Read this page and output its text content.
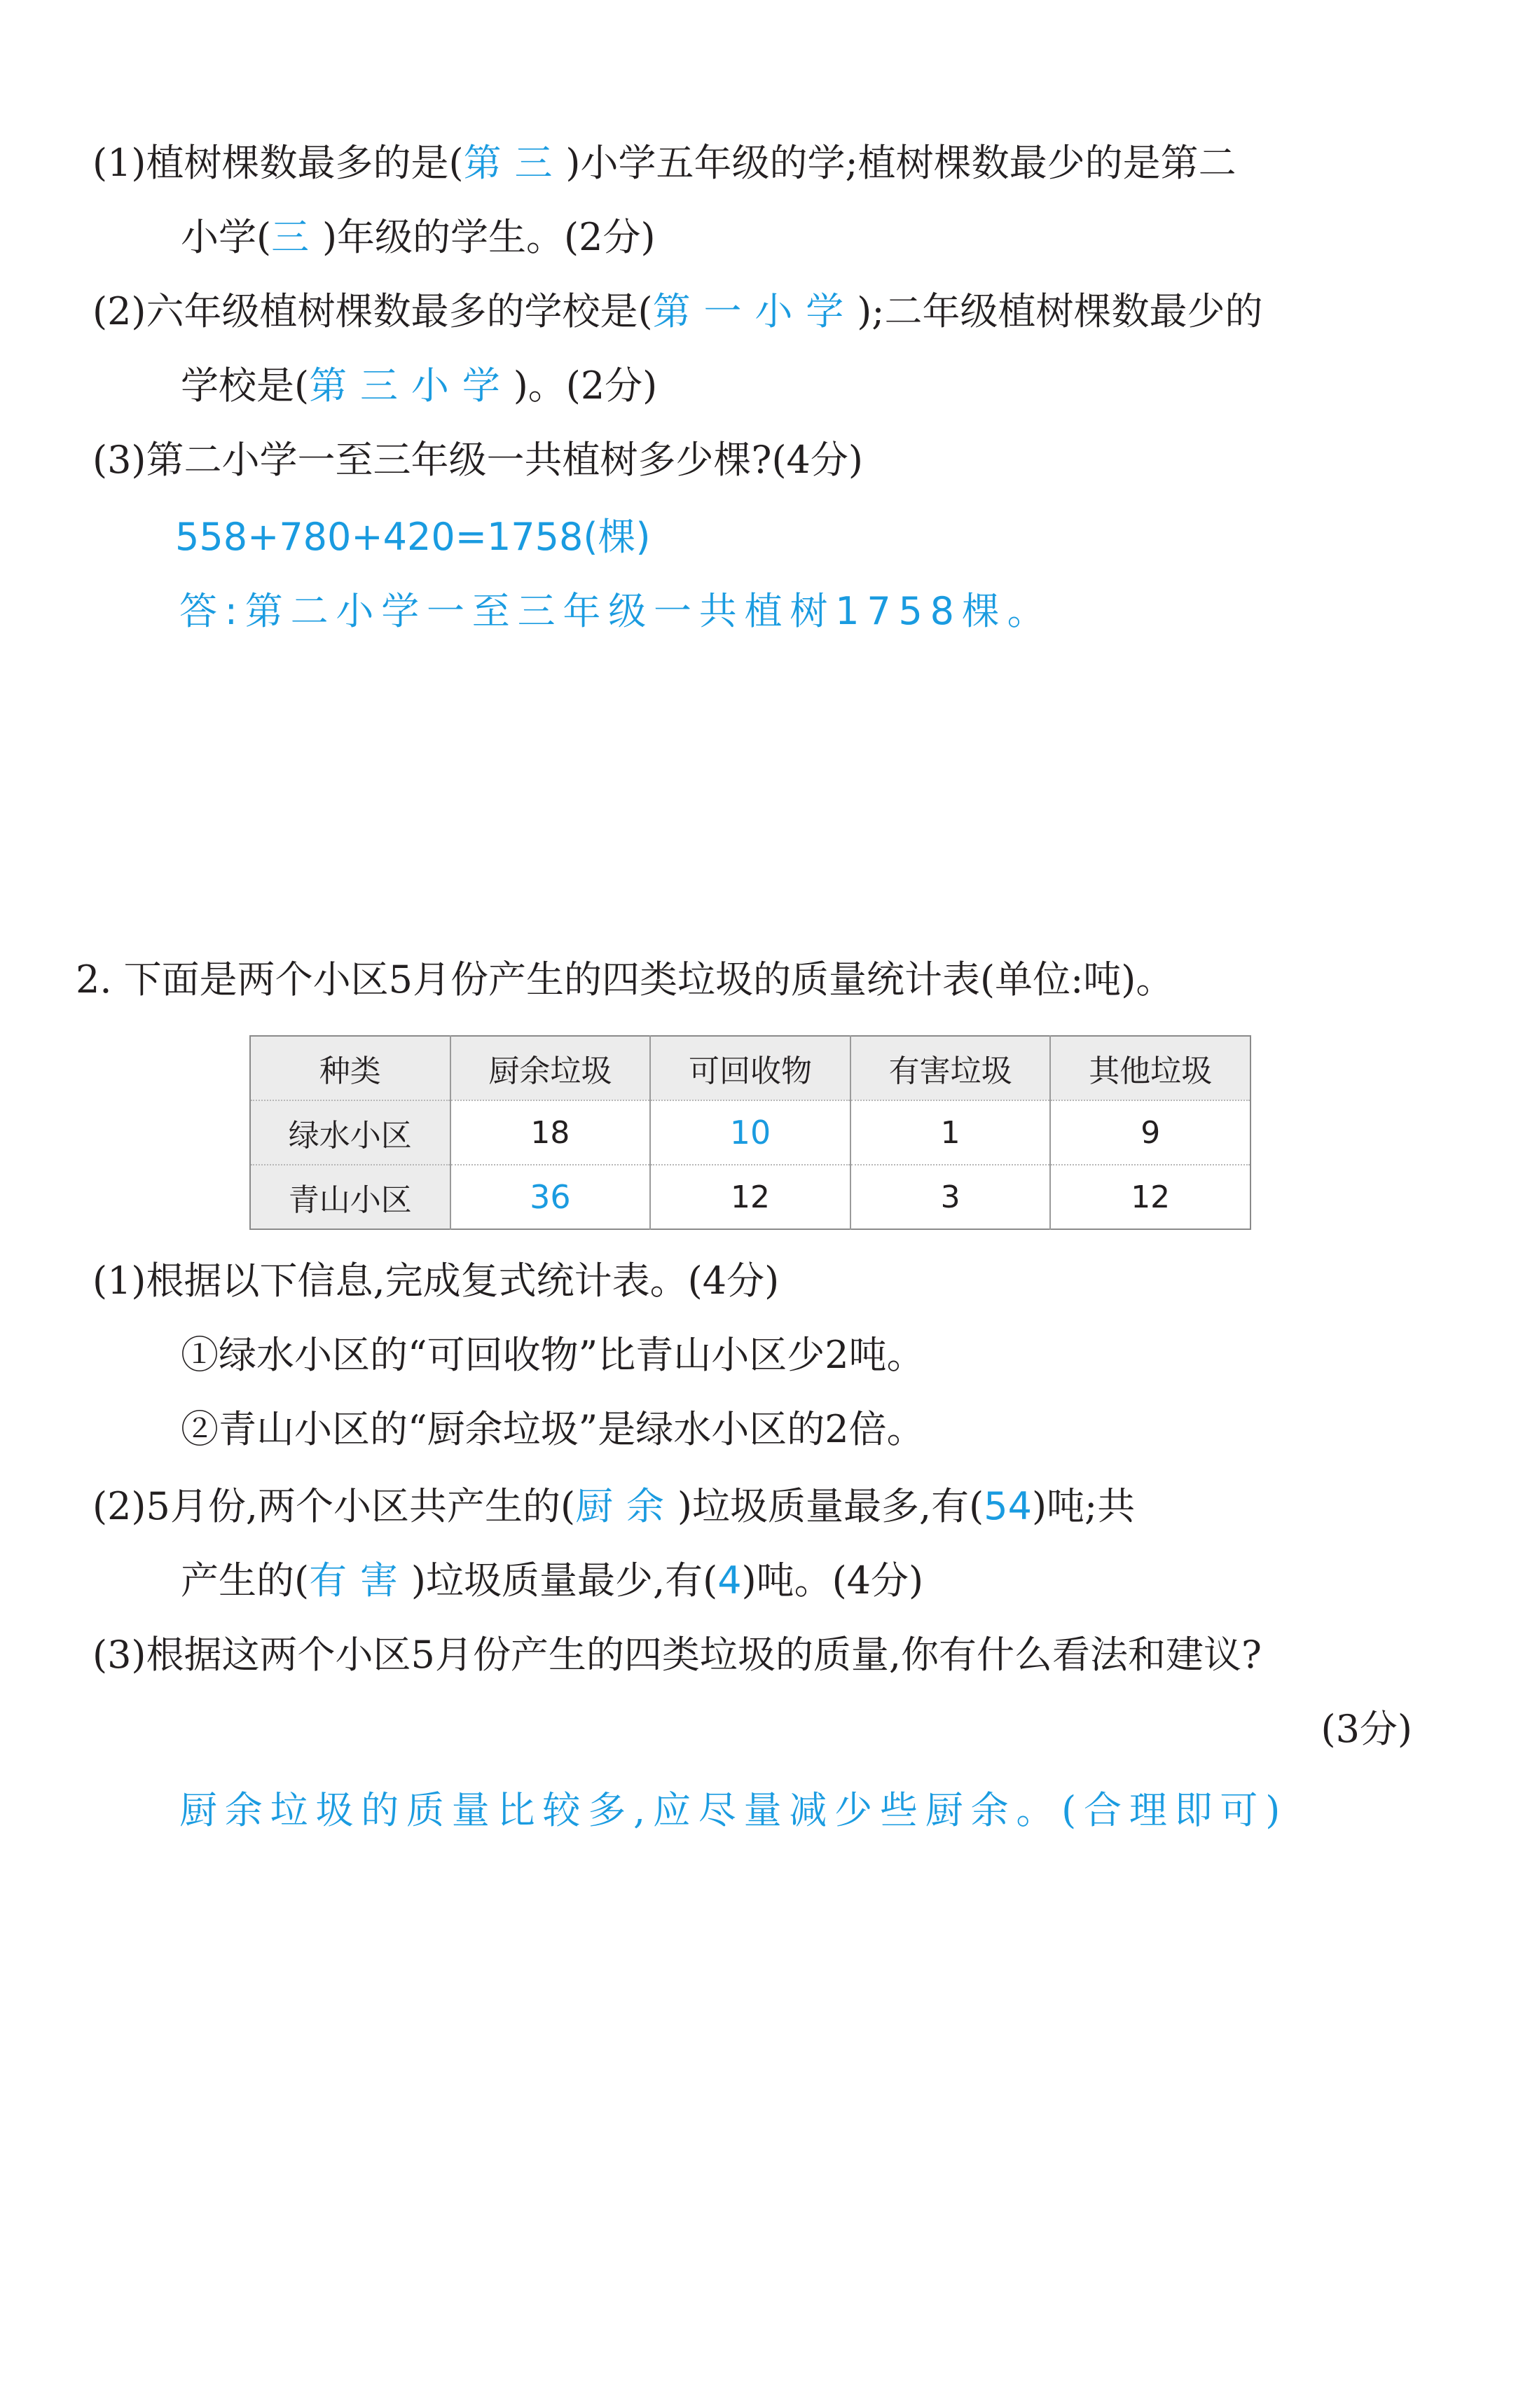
(1)植树棵数最多的是(第三)小学五年级的学;植树棵数最少的是第二
小学(三)年级的学生。(2分)
(2)六年级植树棵数最多的学校是(第一小学);二年级植树棵数最少的
学校是(第三小学)。(2分)
(3)第二小学一至三年级一共植树多少棵?(4分)
558+780+420=1758(棵)
答:第二小学一至三年级一共植树1758棵。
2. 下面是两个小区5月份产生的四类垃圾的质量统计表(单位:吨)。
种类	厨余垃圾	可回收物	有害垃圾	其他垃圾
绿水小区	18	10	1	9
青山小区	36	12	3	12
(1)根据以下信息,完成复式统计表。(4分)
①绿水小区的“可回收物”比青山小区少2吨。
②青山小区的“厨余垃圾”是绿水小区的2倍。
(2)5月份,两个小区共产生的(厨余)垃圾质量最多,有(54)吨;共
产生的(有害)垃圾质量最少,有(4)吨。(4分)
(3)根据这两个小区5月份产生的四类垃圾的质量,你有什么看法和建议?
(3分)
厨余垃圾的质量比较多,应尽量减少些厨余。(合理即可)
